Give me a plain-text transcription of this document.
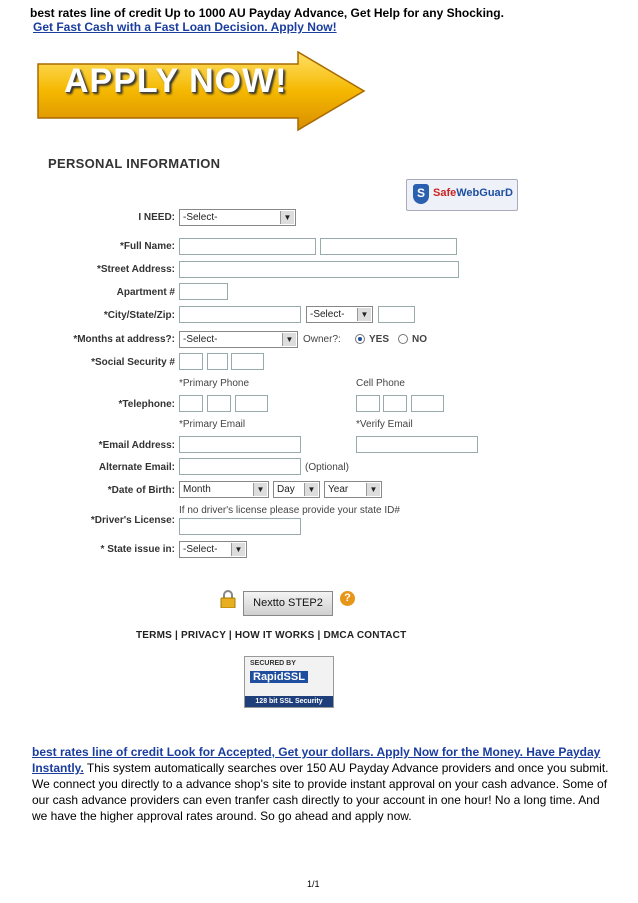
best rates line of credit Up to 1000 AU Payday Advance, Get Help for any Shocking.
Get Fast Cash with a Fast Loan Decision. Apply Now!
APPLY NOW!
PERSONAL INFORMATION
S SafeWebGuarD
I NEED: -Select-	▼
*Full Name:
*Street Address:
Apartment #
*City/State/Zip:	-Select-	▼
*Months at address?: -Select-	▼ Owner?:	YES NO
*Social Security #
*Primary Phone	Cell Phone
*Telephone:
*Primary Email	*Verify Email
*Email Address:
Alternate Email:	(Optional)
*Date of Birth: Month	▼	Day	▼	Year	▼
If no driver's license please provide your state ID#
*Driver's License:
* State issue in: -Select-	▼
Nextto STEP2	?
TERMS | PRIVACY | HOW IT WORKS | DMCA CONTACT
SECURED BY
RapidSSL
128 bit SSL Security
best rates line of credit Look for Accepted, Get your dollars. Apply Now for the Money. Have Payday Instantly. This system automatically searches over 150 AU Payday Advance providers and once you submit. We connect you directly to a advance shop's site to provide instant approval on your cash advance. Some of our cash advance providers can even tranfer cash directly to your account in one hour! No a long time. And we have the higher approval rates around. So go ahead and apply now.
1/1
